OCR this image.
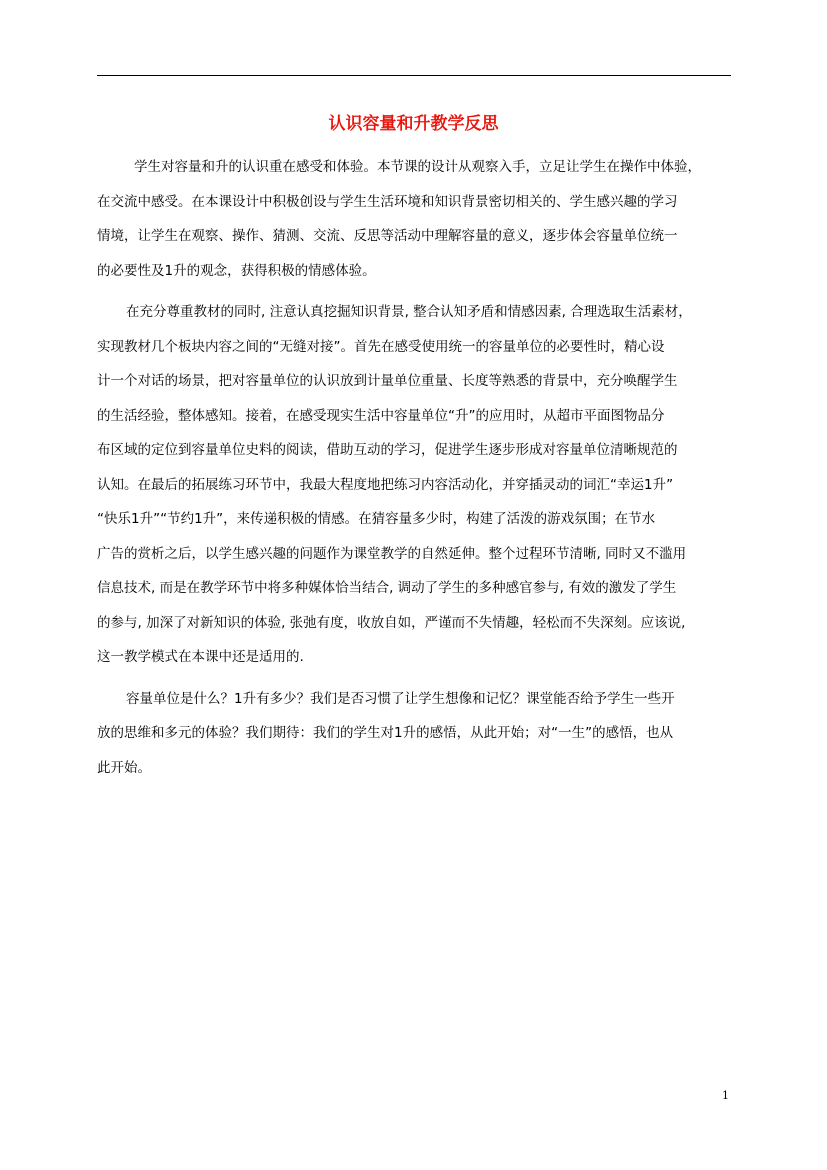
认识容量和升教学反思
学生对容量和升的认识重在感受和体验。本节课的设计从观察入手，立足让学生在操作中体验，
在交流中感受。在本课设计中积极创设与学生生活环境和知识背景密切相关的、学生感兴趣的学习
情境，让学生在观察、操作、猜测、交流、反思等活动中理解容量的意义，逐步体会容量单位统一
的必要性及1升的观念，获得积极的情感体验。
在充分尊重教材的同时, 注意认真挖掘知识背景, 整合认知矛盾和情感因素, 合理选取生活素材，
实现教材几个板块内容之间的“无缝对接”。首先在感受使用统一的容量单位的必要性时，精心设
计一个对话的场景，把对容量单位的认识放到计量单位重量、长度等熟悉的背景中，充分唤醒学生
的生活经验，整体感知。接着，在感受现实生活中容量单位“升”的应用时，从超市平面图物品分
布区域的定位到容量单位史料的阅读，借助互动的学习，促进学生逐步形成对容量单位清晰规范的
认知。在最后的拓展练习环节中，我最大程度地把练习内容活动化，并穿插灵动的词汇“幸运1升”
“快乐1升”“节约1升”，来传递积极的情感。在猜容量多少时，构建了活泼的游戏氛围；在节水
广告的赏析之后，以学生感兴趣的问题作为课堂教学的自然延伸。整个过程环节清晰, 同时又不滥用
信息技术, 而是在教学环节中将多种媒体恰当结合, 调动了学生的多种感官参与, 有效的激发了学生
的参与, 加深了对新知识的体验, 张弛有度，收放自如，严谨而不失情趣，轻松而不失深刻。应该说,
这一教学模式在本课中还是适用的.
容量单位是什么？1升有多少？我们是否习惯了让学生想像和记忆？课堂能否给予学生一些开
放的思维和多元的体验？我们期待：我们的学生对1升的感悟，从此开始；对“一生”的感悟，也从
此开始。
1
